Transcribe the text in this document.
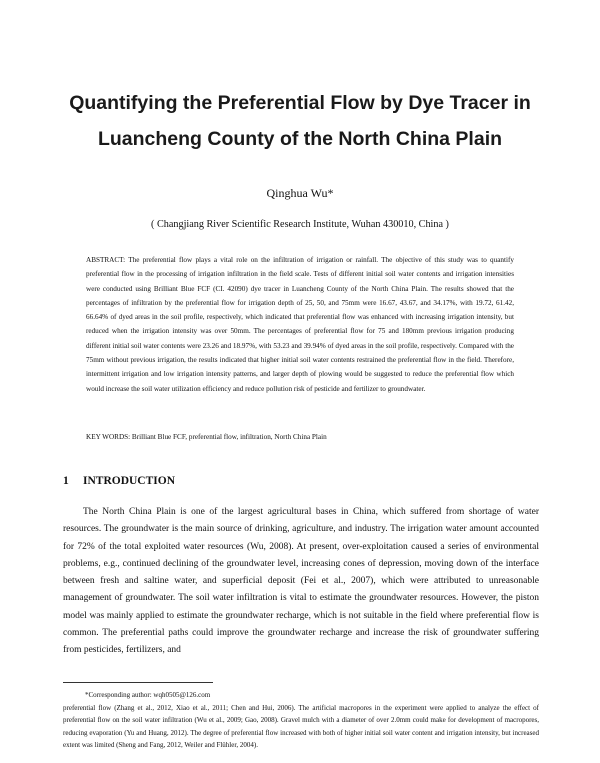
Quantifying the Preferential Flow by Dye Tracer in
Luancheng County of the North China Plain
Qinghua Wu*
( Changjiang River Scientific Research Institute, Wuhan 430010, China )

ABSTRACT: The preferential flow plays a vital role on the infiltration of irrigation or rainfall. The objective of this study was to quantify preferential flow in the processing of irrigation infiltration in the field scale. Tests of different initial soil water contents and irrigation intensities were conducted using Brilliant Blue FCF (CI. 42090) dye tracer in Luancheng County of the North China Plain. The results showed that the percentages of infiltration by the preferential flow for irrigation depth of 25, 50, and 75mm were 16.67, 43.67, and 34.17%, with 19.72, 61.42, 66.64% of dyed areas in the soil profile, respectively, which indicated that preferential flow was enhanced with increasing irrigation intensity, but reduced when the irrigation intensity was over 50mm. The percentages of preferential flow for 75 and 180mm previous irrigation producing different initial soil water contents were 23.26 and 18.97%, with 53.23 and 39.94% of dyed areas in the soil profile, respectively. Compared with the 75mm without previous irrigation, the results indicated that higher initial soil water contents restrained the preferential flow in the field. Therefore, intermittent irrigation and low irrigation intensity patterns, and larger depth of plowing would be suggested to reduce the preferential flow which would increase the soil water utilization efficiency and reduce pollution risk of pesticide and fertilizer to groundwater.

KEY WORDS: Brilliant Blue FCF, preferential flow, infiltration, North China Plain

1 INTRODUCTION

The North China Plain is one of the largest agricultural bases in China, which suffered from shortage of water resources. The groundwater is the main source of drinking, agriculture, and industry. The irrigation water amount accounted for 72% of the total exploited water resources (Wu, 2008). At present, over-exploitation caused a series of environmental problems, e.g., continued declining of the groundwater level, increasing cones of depression, moving down of the interface between fresh and saltine water, and superficial deposit (Fei et al., 2007), which were attributed to unreasonable management of groundwater. The soil water infiltration is vital to estimate the groundwater resources. However, the piston model was mainly applied to estimate the groundwater recharge, which is not suitable in the field where preferential flow is common. The preferential paths could improve the groundwater recharge and increase the risk of groundwater suffering from pesticides, fertilizers, and

*Corresponding author: wqh0505@126.com
preferential flow (Zhang et al., 2012, Xiao et al., 2011; Chen and Hui, 2006). The artificial macropores in the experiment were applied to analyze the effect of preferential flow on the soil water infiltration (Wu et al., 2009; Gao, 2008). Gravel mulch with a diameter of over 2.0mm could make for development of macropores, reducing evaporation (Yu and Huang, 2012). The degree of preferential flow increased with both of higher initial soil water content and irrigation intensity, but increased extent was limited (Sheng and Fang, 2012, Weiler and Flühler, 2004).
